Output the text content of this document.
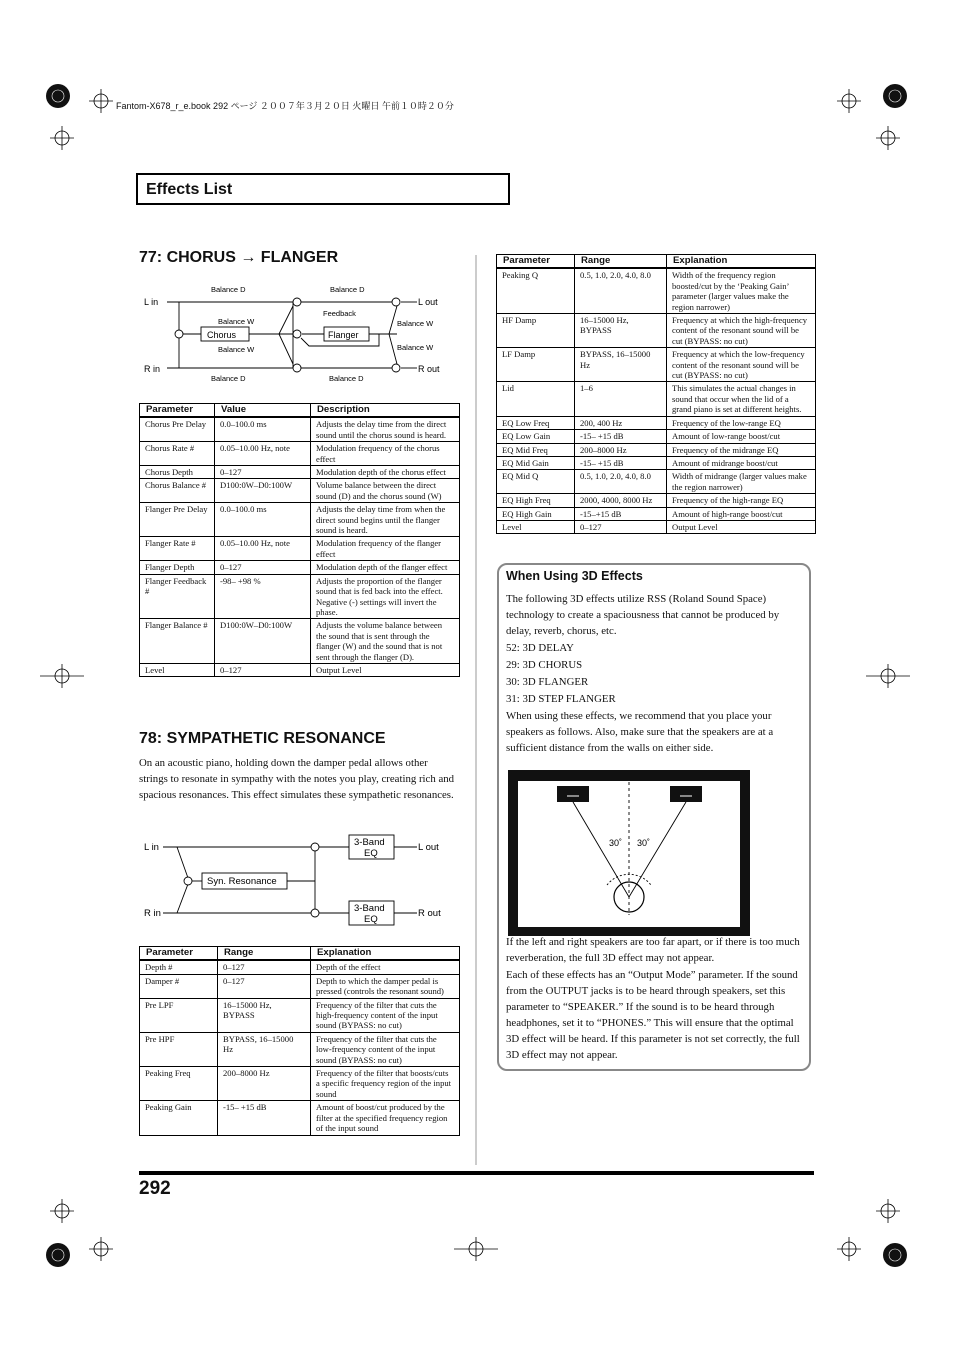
Fantom-X678_r_e.book 292 ページ ２００７年３月２０日 火曜日 午前１０時２０分
Effects List
77: CHORUS → FLANGER
L in
R in
L out
R out
Chorus	Flanger
Balance D
Balance W
Balance W
Balance D
Balance D
Feedback
Balance W
Balance W
Balance D
Parameter	Value	Description
Chorus Pre Delay	0.0–100.0 ms	Adjusts the delay time from the direct sound until the chorus sound is heard.
Chorus Rate #	0.05–10.00 Hz, note	Modulation frequency of the chorus effect
Chorus Depth	0–127	Modulation depth of the chorus effect
Chorus Balance #	D100:0W–D0:100W	Volume balance between the direct sound (D) and the chorus sound (W)
Flanger Pre Delay	0.0–100.0 ms	Adjusts the delay time from when the direct sound begins until the flanger sound is heard.
Flanger Rate #	0.05–10.00 Hz, note	Modulation frequency of the flanger effect
Flanger Depth	0–127	Modulation depth of the flanger effect
Flanger Feedback #	-98– +98 %	Adjusts the proportion of the flanger sound that is fed back into the effect. Negative (-) settings will invert the phase.
Flanger Balance #	D100:0W–D0:100W	Adjusts the volume balance between the sound that is sent through the flanger (W) and the sound that is not sent through the flanger (D).
Level	0–127	Output Level
78: SYMPATHETIC RESONANCE
On an acoustic piano, holding down the damper pedal allows other strings to resonate in sympathy with the notes you play, creating rich and spacious resonances. This effect simulates these sympathetic resonances.
L in
R in
L out
R out
Syn. Resonance
3-Band
EQ
3-Band
EQ
Parameter	Range	Explanation
Depth #	0–127	Depth of the effect
Damper #	0–127	Depth to which the damper pedal is pressed (controls the resonant sound)
Pre LPF	16–15000 Hz, BYPASS	Frequency of the filter that cuts the high-frequency content of the input sound (BYPASS: no cut)
Pre HPF	BYPASS, 16–15000 Hz	Frequency of the filter that cuts the low-frequency content of the input sound (BYPASS: no cut)
Peaking Freq	200–8000 Hz	Frequency of the filter that boosts/cuts a specific frequency region of the input sound
Peaking Gain	-15– +15 dB	Amount of boost/cut produced by the filter at the specified frequency region of the input sound
Parameter	Range	Explanation
Peaking Q	0.5, 1.0, 2.0, 4.0, 8.0	Width of the frequency region boosted/cut by the ‘Peaking Gain’ parameter (larger values make the region narrower)
HF Damp	16–15000 Hz, BYPASS	Frequency at which the high-frequency content of the resonant sound will be cut (BYPASS: no cut)
LF Damp	BYPASS, 16–15000 Hz	Frequency at which the low-frequency content of the resonant sound will be cut (BYPASS: no cut)
Lid	1–6	This simulates the actual changes in sound that occur when the lid of a grand piano is set at different heights.
EQ Low Freq	200, 400 Hz	Frequency of the low-range EQ
EQ Low Gain	-15– +15 dB	Amount of low-range boost/cut
EQ Mid Freq	200–8000 Hz	Frequency of the midrange EQ
EQ Mid Gain	-15– +15 dB	Amount of midrange boost/cut
EQ Mid Q	0.5, 1.0, 2.0, 4.0, 8.0	Width of midrange (larger values make the region narrower)
EQ High Freq	2000, 4000, 8000 Hz	Frequency of the high-range EQ
EQ High Gain	-15–+15 dB	Amount of high-range boost/cut
Level	0–127	Output Level
When Using 3D Effects

The following 3D effects utilize RSS (Roland Sound Space) technology to create a spaciousness that cannot be produced by delay, reverb, chorus, etc.

52: 3D DELAY

29: 3D CHORUS

30: 3D FLANGER

31: 3D STEP FLANGER

When using these effects, we recommend that you place your speakers as follows. Also, make sure that the speakers are at a sufficient distance from the walls on either side.

30˚ 30˚

If the left and right speakers are too far apart, or if there is too much reverberation, the full 3D effect may not appear.

Each of these effects has an “Output Mode” parameter. If the sound from the OUTPUT jacks is to be heard through speakers, set this parameter to “SPEAKER.” If the sound is to be heard through headphones, set it to “PHONES.” This will ensure that the optimal 3D effect will be heard. If this parameter is not set correctly, the full 3D effect may not appear.

292
